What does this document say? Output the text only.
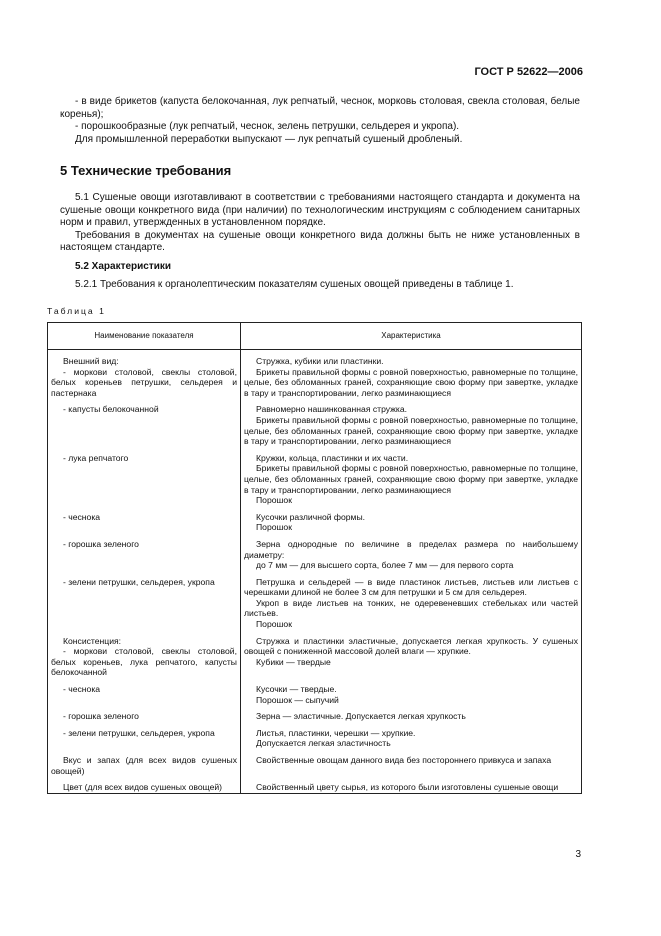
ГОСТ Р 52622—2006

- в виде брикетов (капуста белокочанная, лук репчатый, чеснок, морковь столовая, свекла столовая, белые коренья);

- порошкообразные (лук репчатый, чеснок, зелень петрушки, сельдерея и укропа).

Для промышленной переработки выпускают — лук репчатый сушеный дробленый.

5 Технические требования

5.1 Сушеные овощи изготавливают в соответствии с требованиями настоящего стандарта и документа на сушеные овощи конкретного вида (при наличии) по технологическим инструкциям с соблюдением санитарных норм и правил, утвержденных в установленном порядке.

Требования в документах на сушеные овощи конкретного вида должны быть не ниже установленных в настоящем стандарте.

5.2 Характеристики

5.2.1 Требования к органолептическим показателям сушеных овощей приведены в таблице 1.

Таблица 1
Наименование показателя	Характеристика

Внешний вид:
- моркови столовой, свеклы столовой, белых кореньев петрушки, сельдерея и пастернака	Стружка, кубики или пластинки.
Брикеты правильной формы с ровной поверхностью, равномерные по толщине, целые, без обломанных граней, сохраняющие свою форму при завертке, укладке в тару и транспортировании, легко разминающиеся

- капусты белокочанной	Равномерно нашинкованная стружка.
Брикеты правильной формы с ровной поверхностью, равномерные по толщине, целые, без обломанных граней, сохраняющие свою форму при завертке, укладке в тару и транспортировании, легко разминающиеся

- лука репчатого	Кружки, кольца, пластинки и их части.
Брикеты правильной формы с ровной поверхностью, равномерные по толщине, целые, без обломанных граней, сохраняющие свою форму при завертке, укладке в тару и транспортировании, легко разминающиеся
Порошок

- чеснока	Кусочки различной формы.
Порошок

- горошка зеленого	Зерна однородные по величине в пределах размера по наибольшему диаметру:
до 7 мм — для высшего сорта, более 7 мм — для первого сорта

- зелени петрушки, сельдерея, укропа	Петрушка и сельдерей — в виде пластинок листьев, листьев или листьев с черешками длиной не более 3 см для петрушки и 5 см для сельдерея.
Укроп в виде листьев на тонких, не одеревеневших стебельках или частей листьев.
Порошок

Консистенция:
- моркови столовой, свеклы столовой, белых кореньев, лука репчатого, капусты белокочанной	Стружка и пластинки эластичные, допускается легкая хрупкость. У сушеных овощей с пониженной массовой долей влаги — хрупкие.
Кубики — твердые

- чеснока	Кусочки — твердые.
Порошок — сыпучий

- горошка зеленого	Зерна — эластичные. Допускается легкая хрупкость

- зелени петрушки, сельдерея, укропа	Листья, пластинки, черешки — хрупкие.
Допускается легкая эластичность

Вкус и запах (для всех видов сушеных овощей)	Свойственные овощам данного вида без постороннего привкуса и запаха

Цвет (для всех видов сушеных овощей)	Свойственный цвету сырья, из которого были изготовлены сушеные овощи
3
